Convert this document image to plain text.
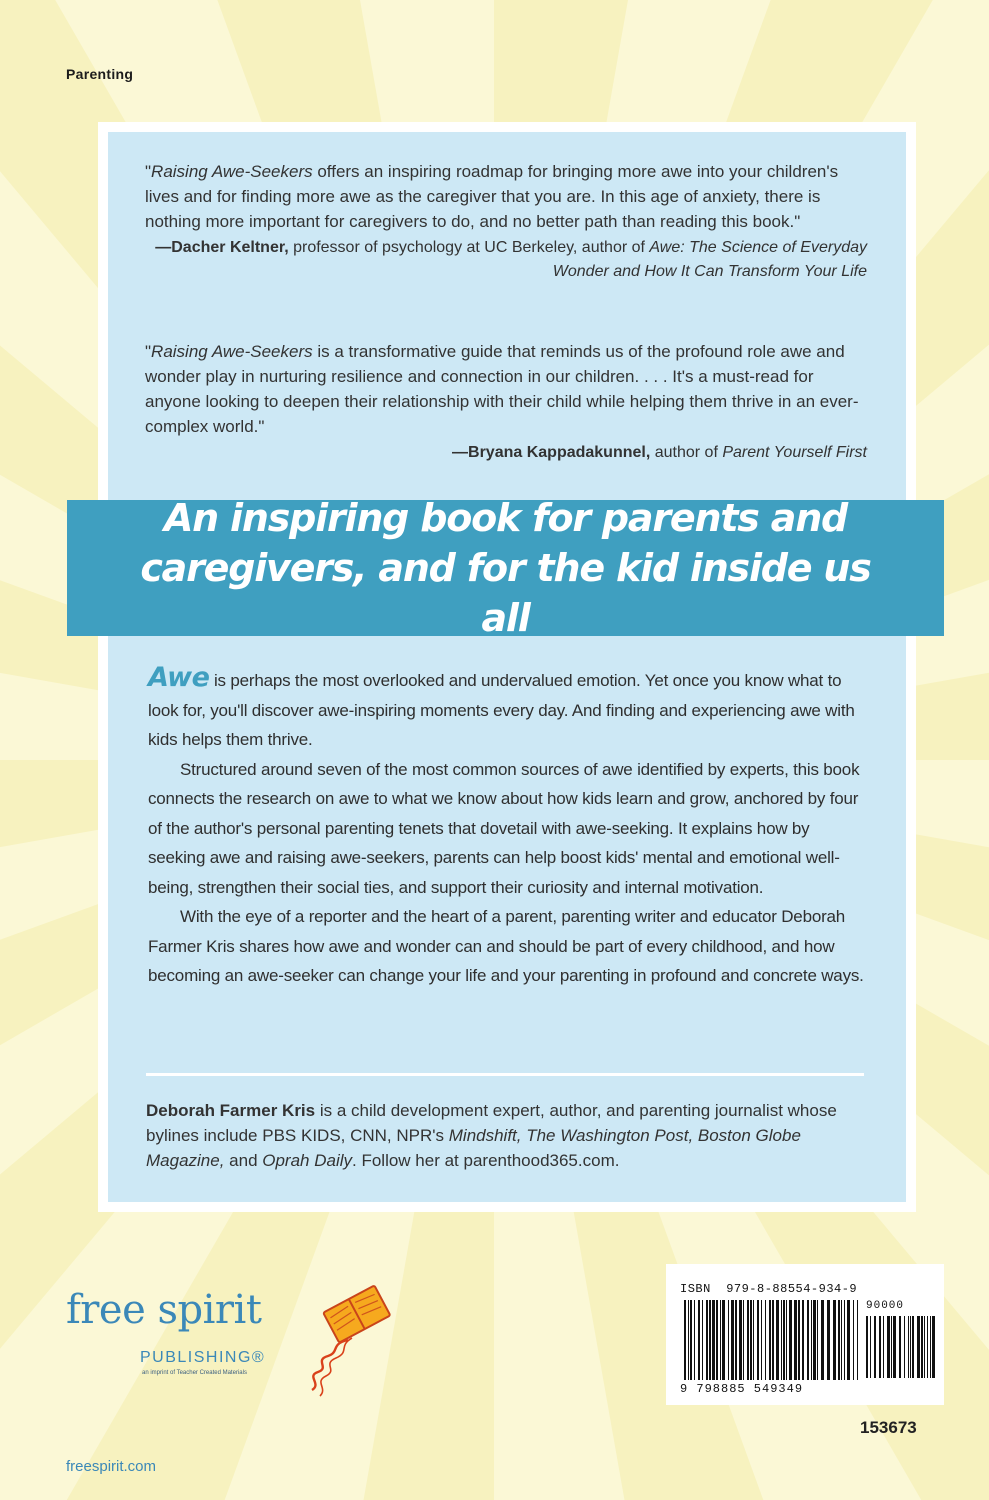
Parenting

"Raising Awe-Seekers offers an inspiring roadmap for bringing more awe into your children's lives and for finding more awe as the caregiver that you are. In this age of anxiety, there is nothing more important for caregivers to do, and no better path than reading this book."

—Dacher Keltner, professor of psychology at UC Berkeley, author of Awe: The Science of Everyday Wonder and How It Can Transform Your Life

"Raising Awe-Seekers is a transformative guide that reminds us of the profound role awe and wonder play in nurturing resilience and connection in our children. . . . It's a must-read for anyone looking to deepen their relationship with their child while helping them thrive in an ever-complex world."

—Bryana Kappadakunnel, author of Parent Yourself First

An inspiring book for parents and caregivers, and for the kid inside us all

Awe is perhaps the most overlooked and undervalued emotion. Yet once you know what to look for, you'll discover awe-inspiring moments every day. And finding and experiencing awe with kids helps them thrive.

Structured around seven of the most common sources of awe identified by experts, this book connects the research on awe to what we know about how kids learn and grow, anchored by four of the author's personal parenting tenets that dovetail with awe-seeking. It explains how by seeking awe and raising awe-seekers, parents can help boost kids' mental and emotional well-being, strengthen their social ties, and support their curiosity and internal motivation.

With the eye of a reporter and the heart of a parent, parenting writer and educator Deborah Farmer Kris shares how awe and wonder can and should be part of every childhood, and how becoming an awe-seeker can change your life and your parenting in profound and concrete ways.

Deborah Farmer Kris is a child development expert, author, and parenting journalist whose bylines include PBS KIDS, CNN, NPR's Mindshift, The Washington Post, Boston Globe Magazine, and Oprah Daily. Follow her at parenthood365.com.

free spirit
PUBLISHING®
an imprint of Teacher Created Materials
freespirit.com
ISBN  979-8-88554-934-9
90000
9 798885 549349
153673
